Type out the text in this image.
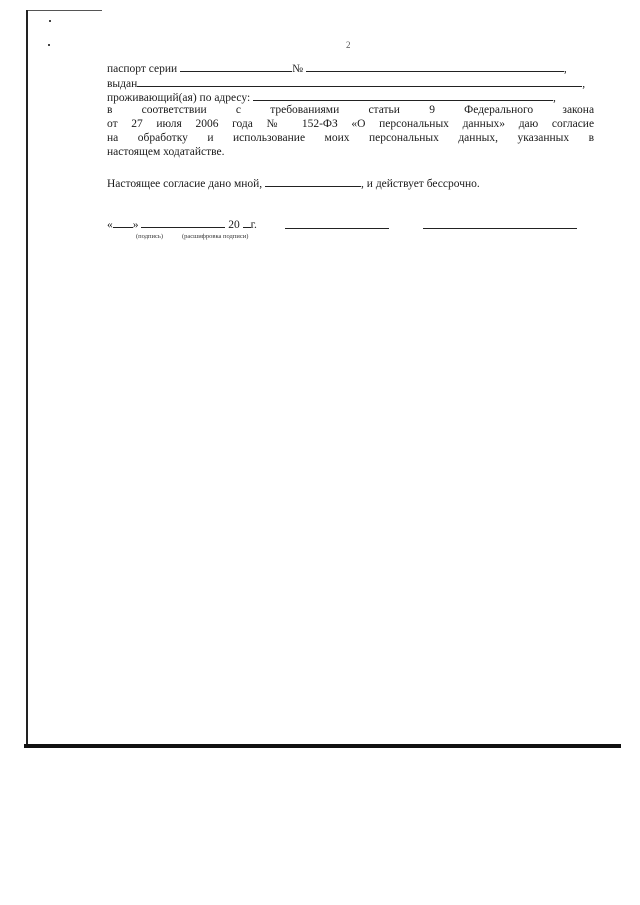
2
паспорт серии	№	,
выдан	,
проживающий(ая) по адресу:	,
в	соответствии	с	требованиями	статьи	9	Федерального	закона
от 27 июля 2006 года № 152-ФЗ «О персональных данных» даю согласие
на обработку и использование моих персональных данных, указанных в
настоящем ходатайстве.
Настоящее согласие дано мной,	, и действует бессрочно.
« »	20 г.
(подпись)	(расшифровка подписи)
